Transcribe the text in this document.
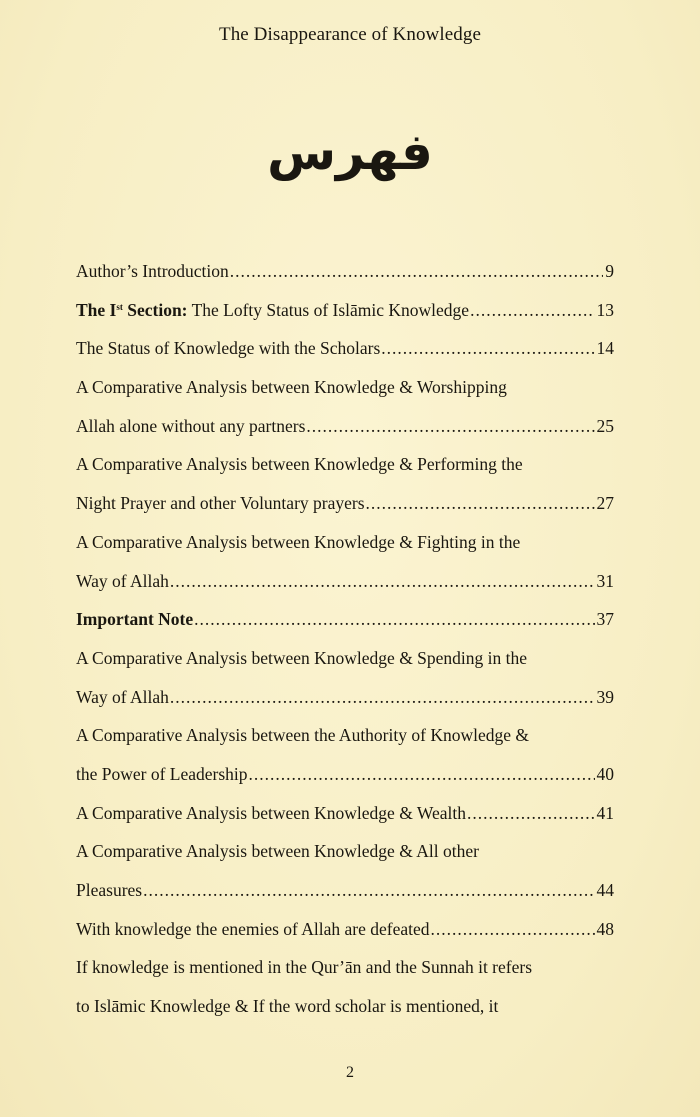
The Disappearance of Knowledge
فهرس
Author’s Introduction .....	9
The Ist Section: The Lofty Status of Islāmic Knowledge .....	13
The Status of Knowledge with the Scholars .....	14
A Comparative Analysis between Knowledge & Worshipping
Allah alone without any partners .....	25
A Comparative Analysis between Knowledge & Performing the
Night Prayer and other Voluntary prayers .....	27
A Comparative Analysis between Knowledge & Fighting in the
Way of Allah .....	31
Important Note .....	37
A Comparative Analysis between Knowledge & Spending in the
Way of Allah .....	39
A Comparative Analysis between the Authority of Knowledge &
the Power of Leadership .....	40
A Comparative Analysis between Knowledge & Wealth .....	41
A Comparative Analysis between Knowledge & All other
Pleasures .....	44
With knowledge the enemies of Allah are defeated .....	48
If knowledge is mentioned in the Qur’ān and the Sunnah it refers
to Islāmic Knowledge & If the word scholar is mentioned, it
2
